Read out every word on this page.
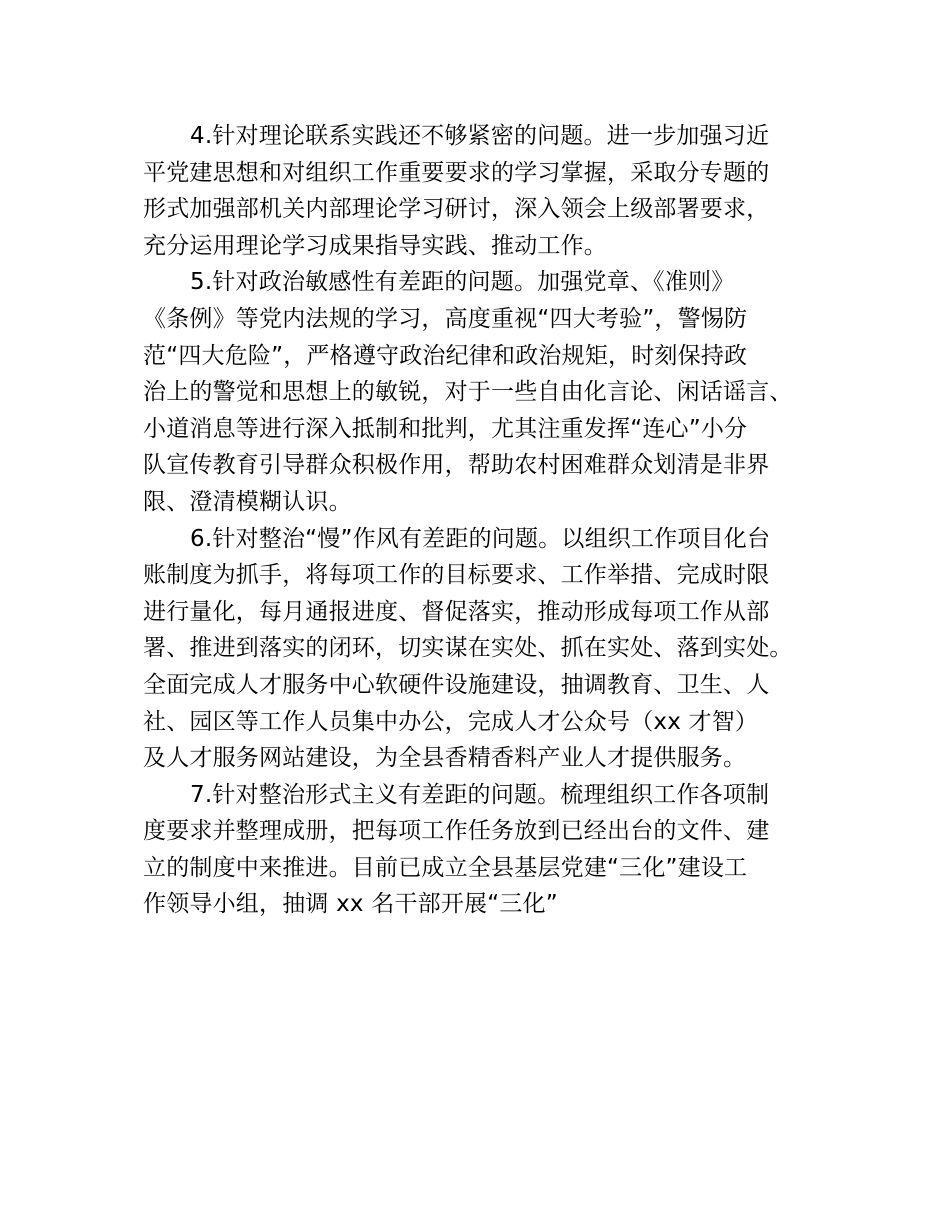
4.针对理论联系实践还不够紧密的问题。进一步加强习近
平党建思想和对组织工作重要要求的学习掌握，采取分专题的
形式加强部机关内部理论学习研讨，深入领会上级部署要求，
充分运用理论学习成果指导实践、推动工作。
5.针对政治敏感性有差距的问题。加强党章、《准则》
《条例》等党内法规的学习，高度重视“四大考验”，警惕防
范“四大危险”，严格遵守政治纪律和政治规矩，时刻保持政
治上的警觉和思想上的敏锐，对于一些自由化言论、闲话谣言、
小道消息等进行深入抵制和批判，尤其注重发挥“连心”小分
队宣传教育引导群众积极作用，帮助农村困难群众划清是非界
限、澄清模糊认识。
6.针对整治“慢”作风有差距的问题。以组织工作项目化台
账制度为抓手，将每项工作的目标要求、工作举措、完成时限
进行量化，每月通报进度、督促落实，推动形成每项工作从部
署、推进到落实的闭环，切实谋在实处、抓在实处、落到实处。
全面完成人才服务中心软硬件设施建设，抽调教育、卫生、人
社、园区等工作人员集中办公，完成人才公众号（xx 才智）
及人才服务网站建设，为全县香精香料产业人才提供服务。
7.针对整治形式主义有差距的问题。梳理组织工作各项制
度要求并整理成册，把每项工作任务放到已经出台的文件、建
立的制度中来推进。目前已成立全县基层党建“三化”建设工
作领导小组，抽调 xx 名干部开展“三化”
